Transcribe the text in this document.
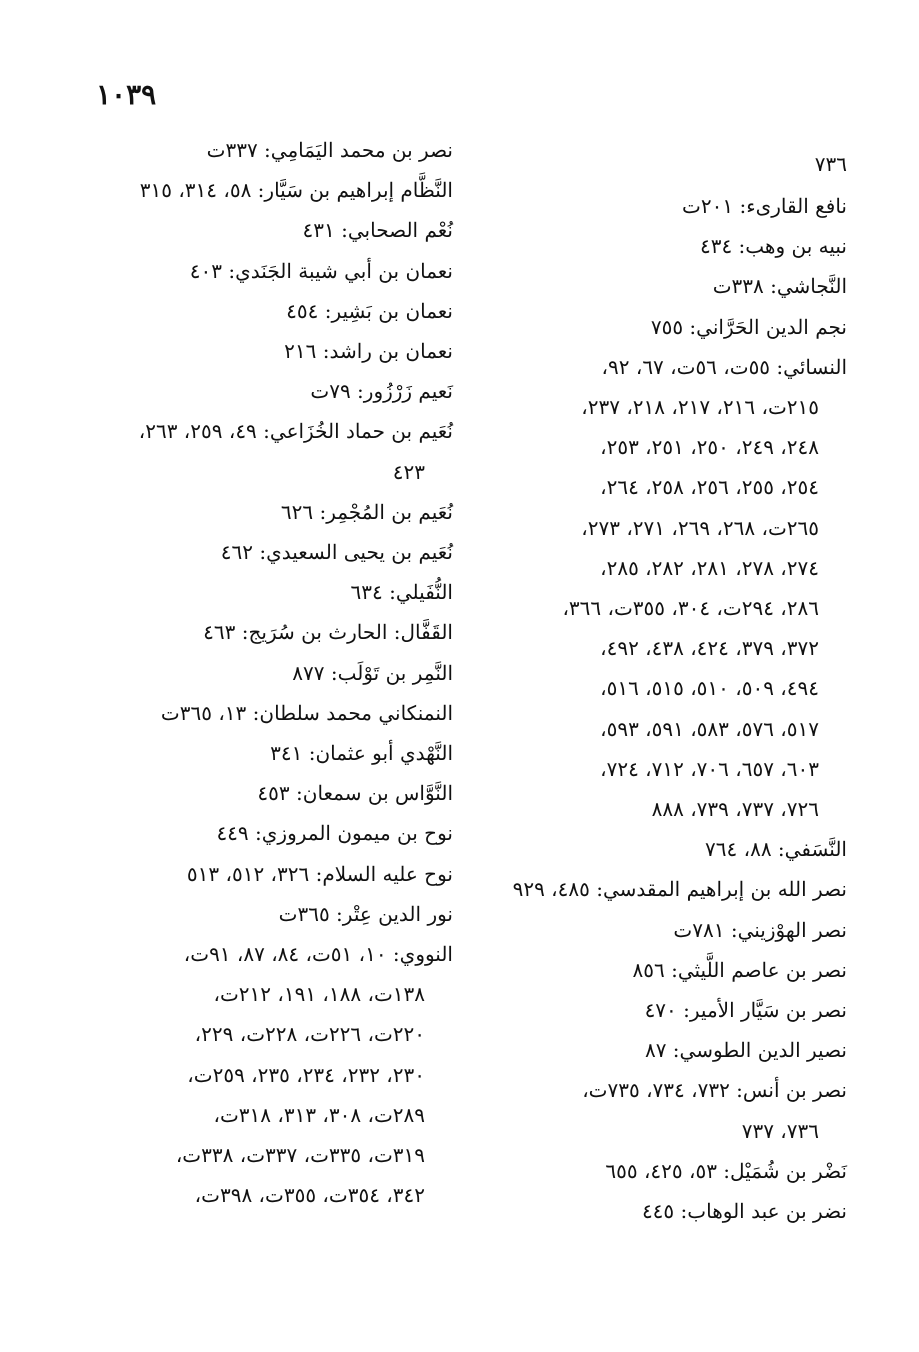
١٠٣٩
٧٣٦
نافع القارىء: ٢٠١ت
نبيه بن وهب: ٤٣٤
النَّجاشي: ٣٣٨ت
نجم الدين الحَرَّاني: ٧٥٥
النسائي: ٥٥ت، ٥٦ت، ٦٧، ٩٢،
٢١٥ت، ٢١٦، ٢١٧، ٢١٨، ٢٣٧،
٢٤٨، ٢٤٩، ٢٥٠، ٢٥١، ٢٥٣،
٢٥٤، ٢٥٥، ٢٥٦، ٢٥٨، ٢٦٤،
٢٦٥ت، ٢٦٨، ٢٦٩، ٢٧١، ٢٧٣،
٢٧٤، ٢٧٨، ٢٨١، ٢٨٢، ٢٨٥،
٢٨٦، ٢٩٤ت، ٣٠٤، ٣٥٥ت، ٣٦٦،
٣٧٢، ٣٧٩، ٤٢٤، ٤٣٨، ٤٩٢،
٤٩٤، ٥٠٩، ٥١٠، ٥١٥، ٥١٦،
٥١٧، ٥٧٦، ٥٨٣، ٥٩١، ٥٩٣،
٦٠٣، ٦٥٧، ٧٠٦، ٧١٢، ٧٢٤،
٧٢٦، ٧٣٧، ٧٣٩، ٨٨٨
النَّسَفي: ٨٨، ٧٦٤
نصر الله بن إبراهيم المقدسي: ٤٨٥، ٩٢٩
نصر الهوْزيني: ٧٨١ت
نصر بن عاصم اللَّيثي: ٨٥٦
نصر بن سَيَّار الأمير: ٤٧٠
نصير الدين الطوسي: ٨٧
نصر بن أنس: ٧٣٢، ٧٣٤، ٧٣٥ت،
٧٣٦، ٧٣٧
نَضْر بن شُمَيْل: ٥٣، ٤٢٥، ٦٥٥
نضر بن عبد الوهاب: ٤٤٥
نصر بن محمد اليَمَامِي: ٣٣٧ت
النَّظَّام إبراهيم بن سَيَّار: ٥٨، ٣١٤، ٣١٥
نُعْم الصحابي: ٤٣١
نعمان بن أبي شيبة الجَنَدي: ٤٠٣
نعمان بن بَشِير: ٤٥٤
نعمان بن راشد: ٢١٦
نَعيم زَرْزُور: ٧٩ت
نُعَيم بن حماد الخُزَاعي: ٤٩، ٢٥٩، ٢٦٣،
٤٢٣
نُعَيم بن المُجْمِر: ٦٢٦
نُعَيم بن يحيى السعيدي: ٤٦٢
النُّفَيلي: ٦٣٤
القَفَّال: الحارث بن سُرَيج: ٤٦٣
النَّمِر بن تَوْلَب: ٨٧٧
النمنكاني محمد سلطان: ١٣، ٣٦٥ت
النَّهْدي أبو عثمان: ٣٤١
النَّوَّاس بن سمعان: ٤٥٣
نوح بن ميمون المروزي: ٤٤٩
نوح عليه السلام: ٣٢٦، ٥١٢، ٥١٣
نور الدين عِتْر: ٣٦٥ت
النووي: ١٠، ٥١ت، ٨٤، ٨٧، ٩١ت،
١٣٨ت، ١٨٨، ١٩١، ٢١٢ت،
٢٢٠ت، ٢٢٦ت، ٢٢٨ت، ٢٢٩،
٢٣٠، ٢٣٢، ٢٣٤، ٢٣٥، ٢٥٩ت،
٢٨٩ت، ٣٠٨، ٣١٣، ٣١٨ت،
٣١٩ت، ٣٣٥ت، ٣٣٧ت، ٣٣٨ت،
٣٤٢، ٣٥٤ت، ٣٥٥ت، ٣٩٨ت،
